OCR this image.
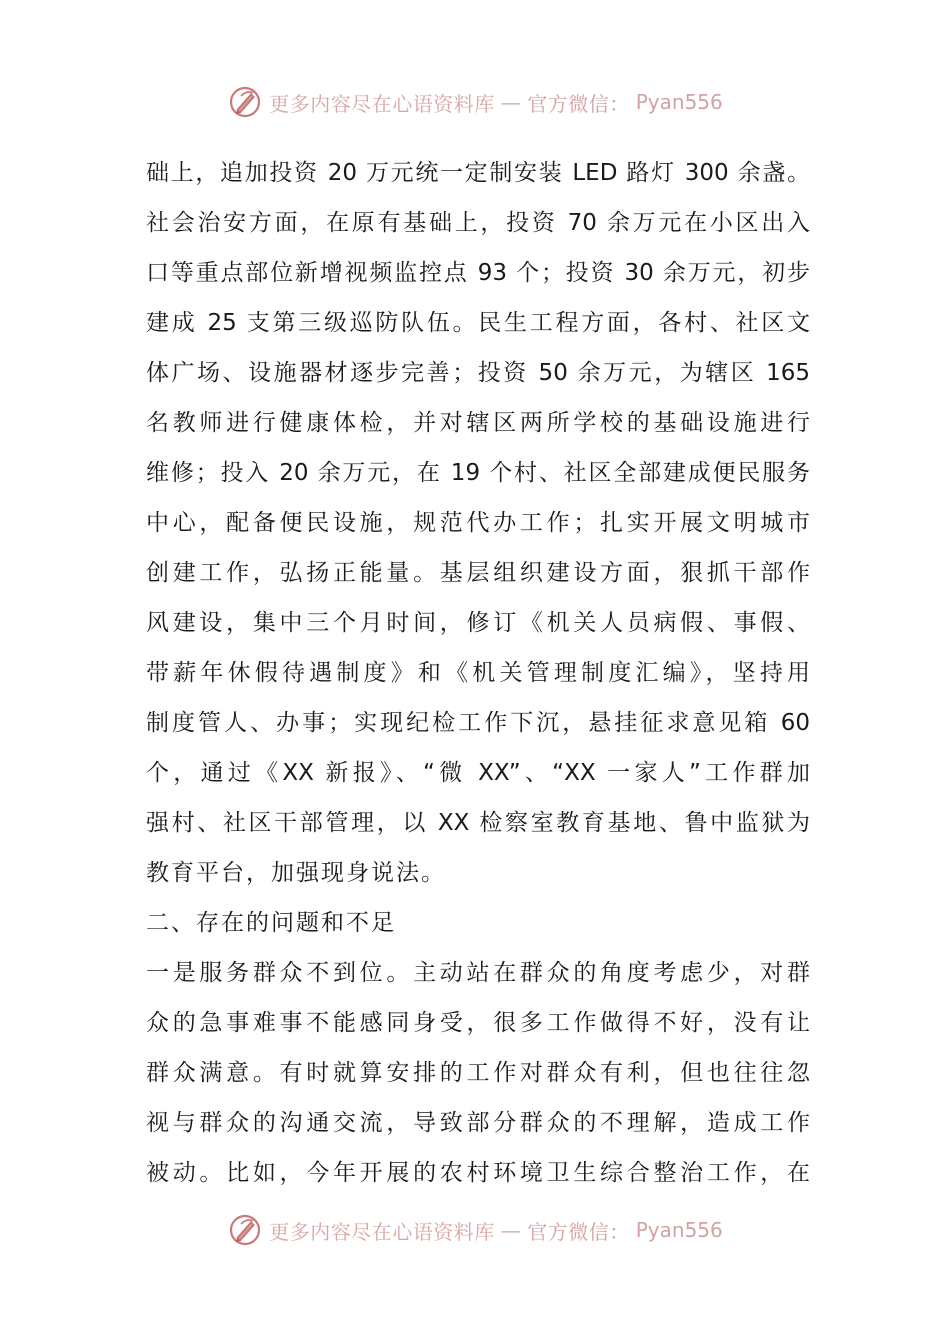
更多内容尽在心语资料库 — 官方微信： Pyan556
础上，追加投资 20 万元统一定制安装 LED 路灯 300 余盏。
社会治安方面，在原有基础上，投资 70 余万元在小区出入
口等重点部位新增视频监控点 93 个；投资 30 余万元，初步
建成 25 支第三级巡防队伍。民生工程方面，各村、社区文
体广场、设施器材逐步完善；投资 50 余万元，为辖区 165
名教师进行健康体检，并对辖区两所学校的基础设施进行
维修；投入 20 余万元，在 19 个村、社区全部建成便民服务
中心，配备便民设施，规范代办工作；扎实开展文明城市
创建工作，弘扬正能量。基层组织建设方面，狠抓干部作
风建设，集中三个月时间，修订《机关人员病假、事假、
带薪年休假待遇制度》和《机关管理制度汇编》，坚持用
制度管人、办事；实现纪检工作下沉，悬挂征求意见箱 60
个，通过《XX 新报》、“微 XX”、“XX 一家人”工作群加
强村、社区干部管理，以 XX 检察室教育基地、鲁中监狱为
教育平台，加强现身说法。
二、存在的问题和不足
一是服务群众不到位。主动站在群众的角度考虑少，对群
众的急事难事不能感同身受，很多工作做得不好，没有让
群众满意。有时就算安排的工作对群众有利，但也往往忽
视与群众的沟通交流，导致部分群众的不理解，造成工作
被动。比如，今年开展的农村环境卫生综合整治工作，在
更多内容尽在心语资料库 — 官方微信： Pyan556
